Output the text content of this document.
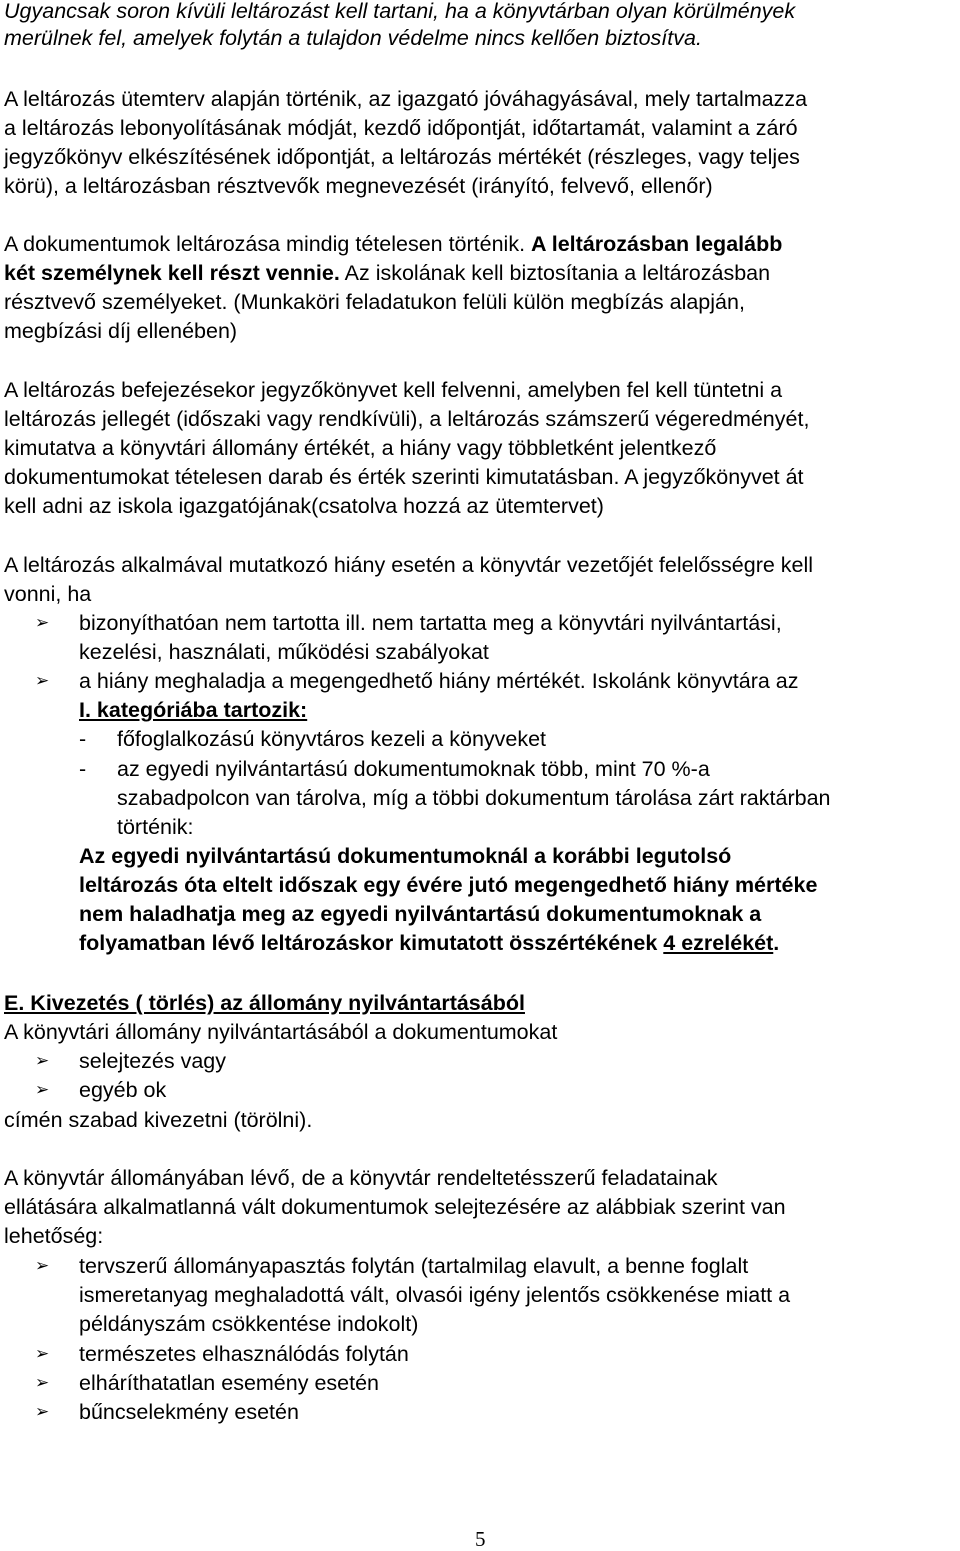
Ugyancsak soron kívüli leltározást kell tartani, ha a könyvtárban olyan körülmények
merülnek fel, amelyek folytán a tulajdon védelme nincs kellően biztosítva.
A leltározás ütemterv alapján történik, az igazgató jóváhagyásával, mely tartalmazza
a leltározás lebonyolításának módját, kezdő időpontját, időtartamát, valamint a záró
jegyzőkönyv elkészítésének időpontját, a leltározás mértékét (részleges, vagy teljes
körü), a leltározásban résztvevők megnevezését (irányító, felvevő, ellenőr)
A dokumentumok leltározása mindig tételesen történik. A leltározásban legalább
két személynek kell részt vennie. Az iskolának kell biztosítania a leltározásban
résztvevő személyeket. (Munkaköri feladatukon felüli külön megbízás alapján,
megbízási díj ellenében)
A leltározás befejezésekor jegyzőkönyvet kell felvenni, amelyben fel kell tüntetni a
leltározás jellegét (időszaki vagy rendkívüli), a leltározás számszerű végeredményét,
kimutatva a könyvtári állomány értékét, a hiány vagy többletként jelentkező
dokumentumokat tételesen darab és érték szerinti kimutatásban. A jegyzőkönyvet át
kell adni az iskola igazgatójának(csatolva hozzá az ütemtervet)
A leltározás alkalmával mutatkozó hiány esetén a könyvtár vezetőjét felelősségre kell
vonni, ha
➢ bizonyíthatóan nem tartotta ill. nem tartatta meg a könyvtári nyilvántartási,
kezelési, használati, működési szabályokat
➢ a hiány meghaladja a megengedhető hiány mértékét. Iskolánk könyvtára az
I. kategóriába tartozik:
- főfoglalkozású könyvtáros kezeli a könyveket
- az egyedi nyilvántartású dokumentumoknak több, mint 70 %-a
szabadpolcon van tárolva, míg a többi dokumentum tárolása zárt raktárban
történik:
Az egyedi nyilvántartású dokumentumoknál a korábbi legutolsó
leltározás óta eltelt időszak egy évére jutó megengedhető hiány mértéke
nem haladhatja meg az egyedi nyilvántartású dokumentumoknak a
folyamatban lévő leltározáskor kimutatott összértékének 4 ezrelékét.
E. Kivezetés ( törlés) az állomány nyilvántartásából
A könyvtári állomány nyilvántartásából a dokumentumokat
➢ selejtezés vagy
➢ egyéb ok
címén szabad kivezetni (törölni).
A könyvtár állományában lévő, de a könyvtár rendeltetésszerű feladatainak
ellátására alkalmatlanná vált dokumentumok selejtezésére az alábbiak szerint van
lehetőség:
➢ tervszerű állományapasztás folytán (tartalmilag elavult, a benne foglalt
ismeretanyag meghaladottá vált, olvasói igény jelentős csökkenése miatt a
példányszám csökkentése indokolt)
➢ természetes elhasználódás folytán
➢ elháríthatatlan esemény esetén
➢ bűncselekmény esetén
5
